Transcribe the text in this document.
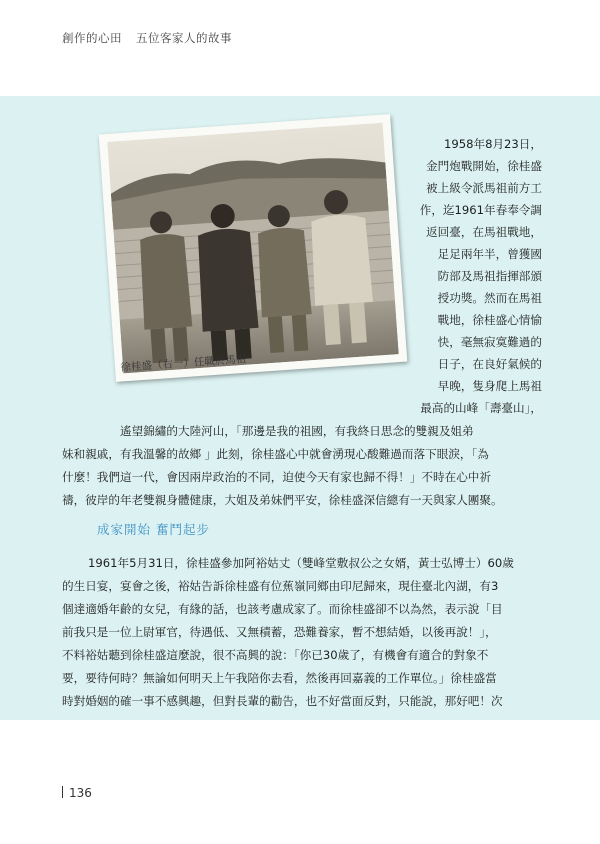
創作的心田 五位客家人的故事
徐桂盛（右一）任職於馬祖
1958年8月23日，
金門炮戰開始，徐桂盛
被上級令派馬祖前方工
作，迄1961年春奉令調
返回臺，在馬祖戰地，
足足兩年半，曾獲國
防部及馬祖指揮部頒
授功獎。然而在馬祖
戰地，徐桂盛心情愉
快，毫無寂寞難過的
日子，在良好氣候的
早晚，隻身爬上馬祖
最高的山峰「壽臺山」，
遙望錦繡的大陸河山，「那邊是我的祖國，有我終日思念的雙親及姐弟
妹和親戚，有我溫馨的故鄉 」此刻，徐桂盛心中就會湧現心酸難過而落下眼淚，「為
什麼！我們這一代，會因兩岸政治的不同，迫使今天有家也歸不得！」不時在心中祈
禱，彼岸的年老雙親身體健康，大姐及弟妹們平安，徐桂盛深信總有一天與家人團聚。
成家開始 奮鬥起步
1961年5月31日，徐桂盛參加阿裕姑丈（雙峰堂敷叔公之女婿，黃士弘博士）60歲
的生日宴，宴會之後，裕姑告訴徐桂盛有位蕉嶺同鄉由印尼歸來，現住臺北內湖，有3
個達適婚年齡的女兒，有緣的話，也該考慮成家了。而徐桂盛卻不以為然，表示說「目
前我只是一位上尉軍官，待遇低、又無積蓄，恐難養家，暫不想結婚，以後再說！」，
不料裕姑聽到徐桂盛這麼說，很不高興的說：「你已30歲了，有機會有適合的對象不
要，要待何時？無論如何明天上午我陪你去看，然後再回嘉義的工作單位。」徐桂盛當
時對婚姻的確一事不感興趣，但對長輩的勸告，也不好當面反對，只能說，那好吧！次
136
